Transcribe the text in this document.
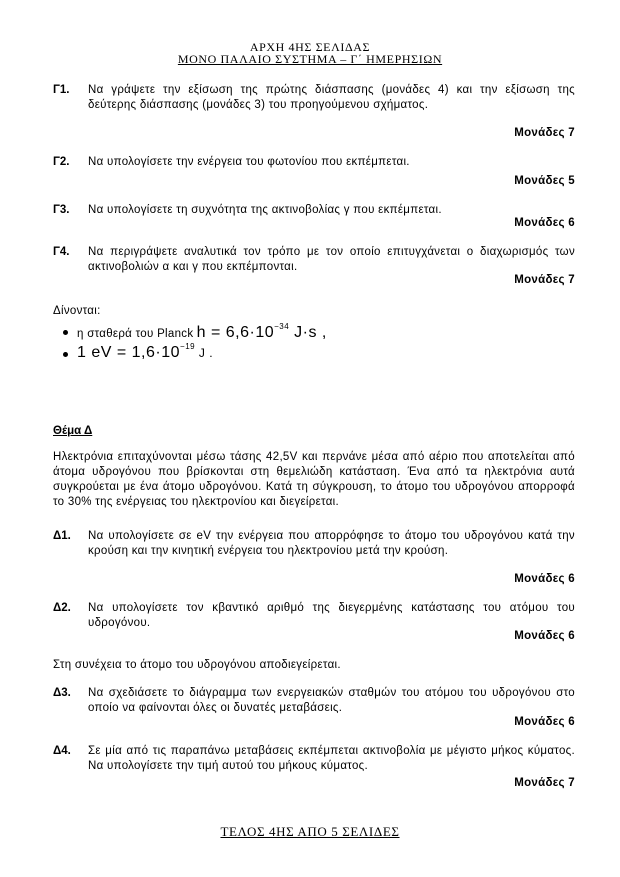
ΑΡΧΗ 4ΗΣ ΣΕΛΙΔΑΣ
ΜΟΝΟ ΠΑΛΑΙΟ ΣΥΣΤΗΜΑ – Γ΄ ΗΜΕΡΗΣΙΩΝ
Γ1. Να γράψετε την εξίσωση της πρώτης διάσπασης (μονάδες 4) και την εξίσωση της δεύτερης διάσπασης (μονάδες 3) του προηγούμενου σχήματος.
Μονάδες 7
Γ2. Να υπολογίσετε την ενέργεια του φωτονίου που εκπέμπεται.
Μονάδες 5
Γ3. Να υπολογίσετε τη συχνότητα της ακτινοβολίας γ που εκπέμπεται.
Μονάδες 6
Γ4. Να περιγράψετε αναλυτικά τον τρόπο με τον οποίο επιτυγχάνεται ο διαχωρισμός των ακτινοβολιών α και γ που εκπέμπονται.
Μονάδες 7
Δίνονται:
η σταθερά του Planck $h = 6,6\cdot 10^{-34}$ J·s ,
1 eV = $1,6\cdot 10^{-19}$ J .
Θέμα Δ
Ηλεκτρόνια επιταχύνονται μέσω τάσης 42,5V και περνάνε μέσα από αέριο που αποτελείται από άτομα υδρογόνου που βρίσκονται στη θεμελιώδη κατάσταση. Ένα από τα ηλεκτρόνια αυτά συγκρούεται με ένα άτομο υδρογόνου. Κατά τη σύγκρουση, το άτομο του υδρογόνου απορροφά το 30% της ενέργειας του ηλεκτρονίου και διεγείρεται.
Δ1. Να υπολογίσετε σε eV την ενέργεια που απορρόφησε το άτομο του υδρογόνου κατά την κρούση και την κινητική ενέργεια του ηλεκτρονίου μετά την κρούση.
Μονάδες 6
Δ2. Να υπολογίσετε τον κβαντικό αριθμό της διεγερμένης κατάστασης του ατόμου του υδρογόνου.
Μονάδες 6
Στη συνέχεια το άτομο του υδρογόνου αποδιεγείρεται.
Δ3. Να σχεδιάσετε το διάγραμμα των ενεργειακών σταθμών του ατόμου του υδρογόνου στο οποίο να φαίνονται όλες οι δυνατές μεταβάσεις.
Μονάδες 6
Δ4. Σε μία από τις παραπάνω μεταβάσεις εκπέμπεται ακτινοβολία με μέγιστο μήκος κύματος. Να υπολογίσετε την τιμή αυτού του μήκους κύματος.
Μονάδες 7
ΤΕΛΟΣ 4ΗΣ ΑΠΟ 5 ΣΕΛΙΔΕΣ
